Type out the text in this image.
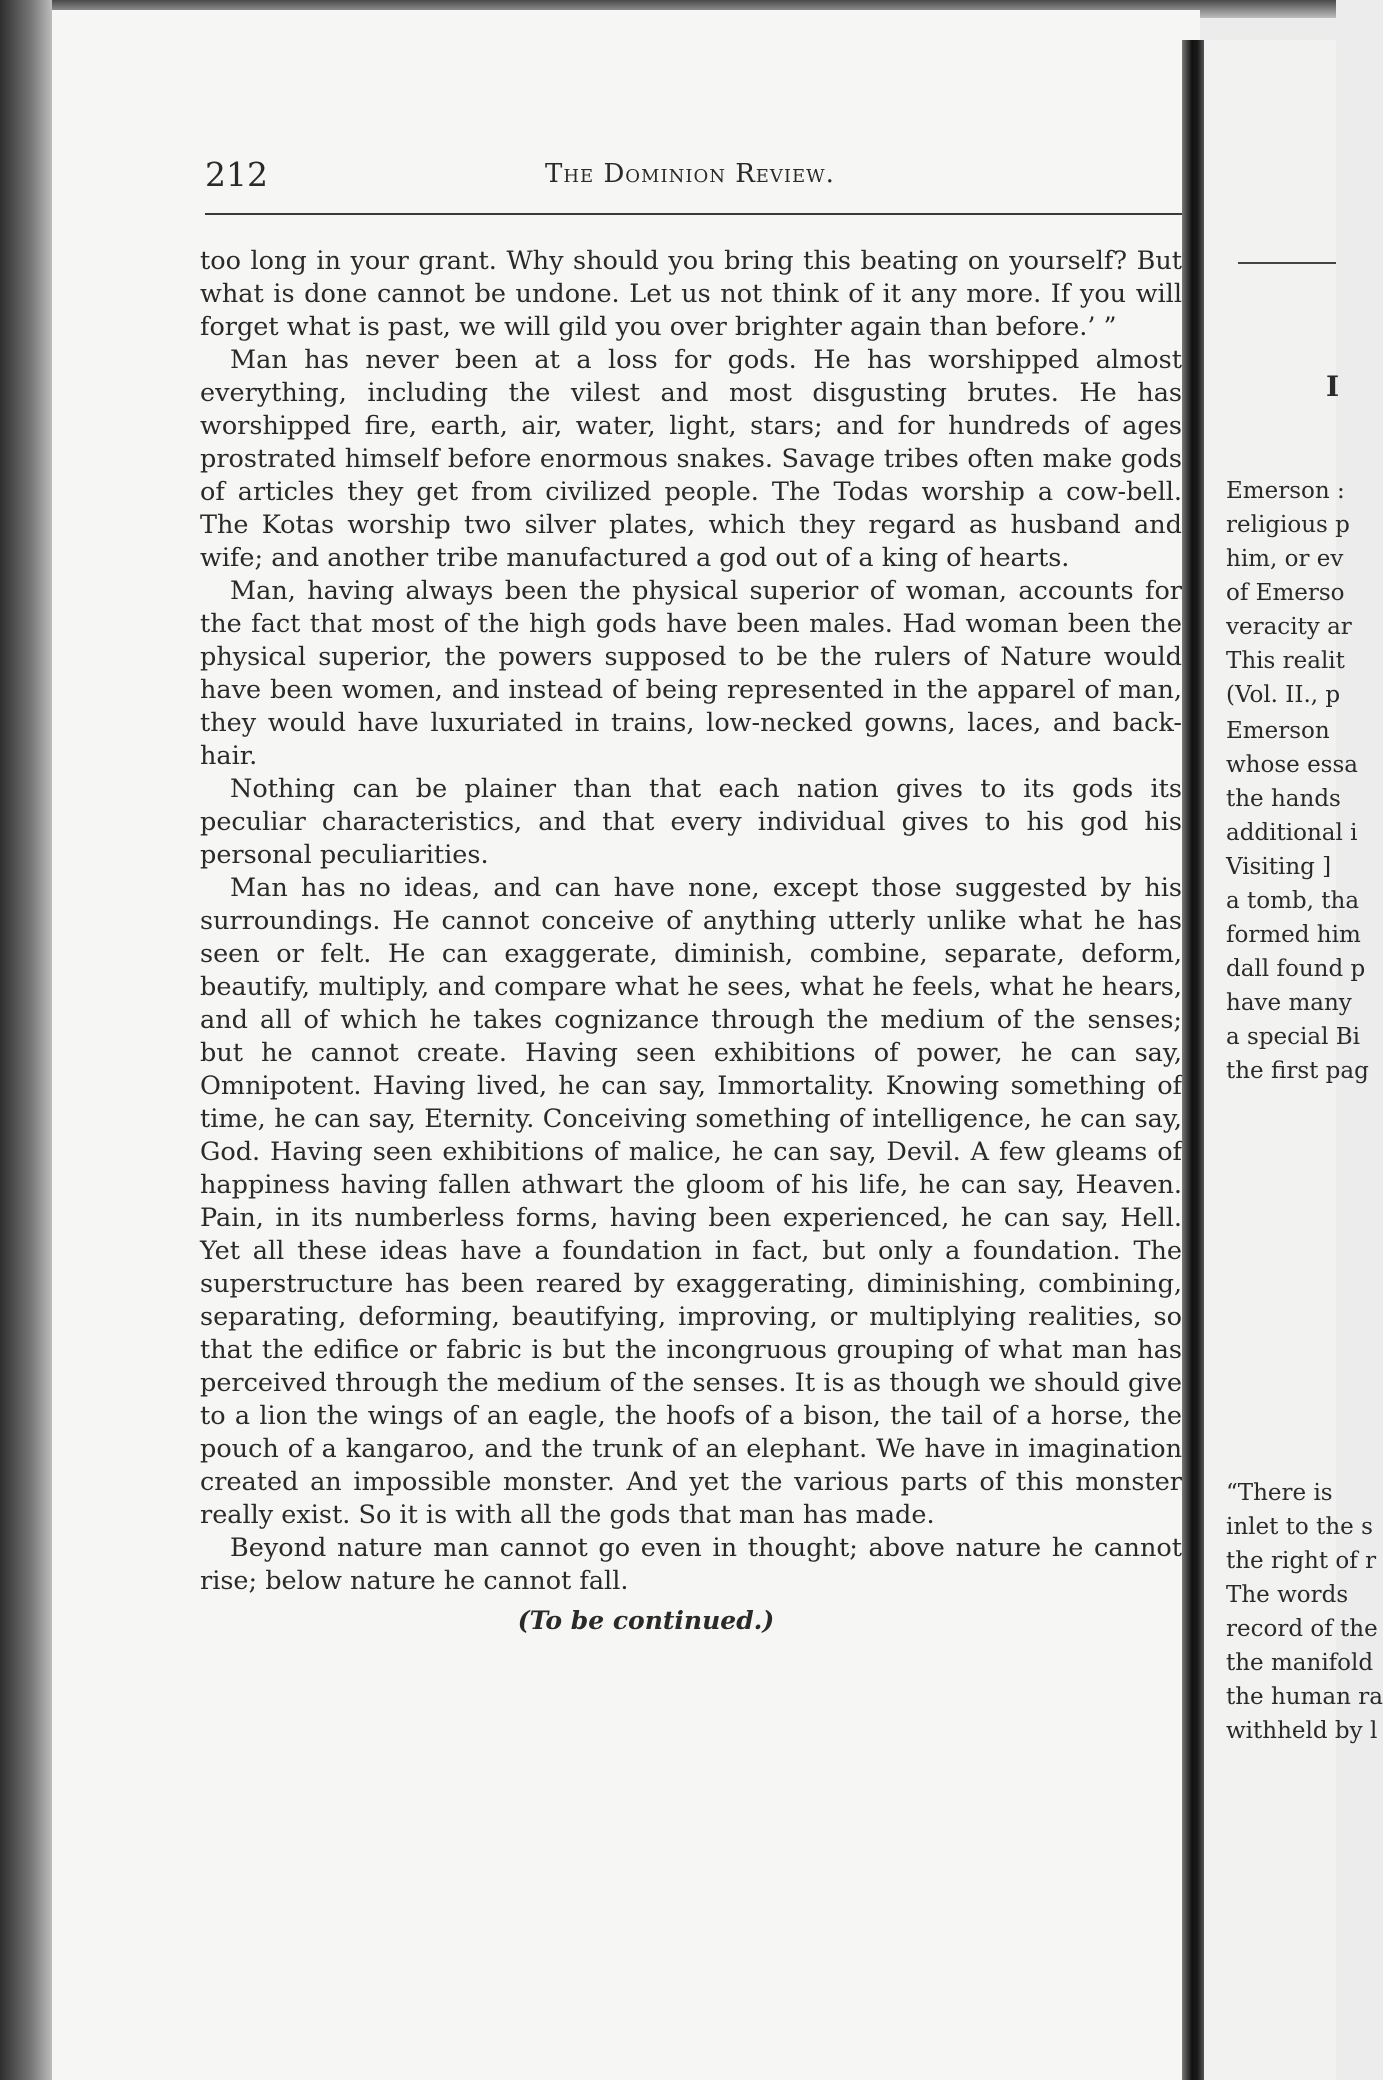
212	The Dominion Review.

too long in your grant. Why should you bring this beating on yourself? But what is done cannot be undone. Let us not think of it any more. If you will forget what is past, we will gild you over brighter again than before.’ ”

Man has never been at a loss for gods. He has worshipped almost everything, including the vilest and most disgusting brutes. He has worshipped fire, earth, air, water, light, stars; and for hundreds of ages prostrated himself before enormous snakes. Savage tribes often make gods of articles they get from civilized people. The Todas worship a cow-bell. The Kotas worship two silver plates, which they regard as husband and wife; and another tribe manufactured a god out of a king of hearts.

Man, having always been the physical superior of woman, accounts for the fact that most of the high gods have been males. Had woman been the physical superior, the powers supposed to be the rulers of Nature would have been women, and instead of being represented in the apparel of man, they would have luxuriated in trains, low-necked gowns, laces, and back-hair.

Nothing can be plainer than that each nation gives to its gods its peculiar characteristics, and that every individual gives to his god his personal peculiarities.

Man has no ideas, and can have none, except those suggested by his surroundings. He cannot conceive of anything utterly unlike what he has seen or felt. He can exaggerate, diminish, combine, separate, deform, beautify, multiply, and compare what he sees, what he feels, what he hears, and all of which he takes cognizance through the medium of the senses; but he cannot create. Having seen exhibitions of power, he can say, Omnipotent. Having lived, he can say, Immortality. Knowing something of time, he can say, Eternity. Conceiving something of intelligence, he can say, God. Having seen exhibitions of malice, he can say, Devil. A few gleams of happiness having fallen athwart the gloom of his life, he can say, Heaven. Pain, in its numberless forms, having been experienced, he can say, Hell. Yet all these ideas have a foundation in fact, but only a foundation. The superstructure has been reared by exaggerating, diminishing, combining, separating, deforming, beautifying, improving, or multiplying realities, so that the edifice or fabric is but the incongruous grouping of what man has perceived through the medium of the senses. It is as though we should give to a lion the wings of an eagle, the hoofs of a bison, the tail of a horse, the pouch of a kangaroo, and the trunk of an elephant. We have in imagination created an impossible monster. And yet the various parts of this monster really exist. So it is with all the gods that man has made.

Beyond nature man cannot go even in thought; above nature he cannot rise; below nature he cannot fall.

(To be continued.)
I
Emerson :
religious p
him, or ev
of Emerso
veracity ar
This realit
(Vol. II., p
Emerson
whose essa
the hands
additional i
Visiting ]
a tomb, tha
formed him
dall found p
have many
a special Bi
the first pag
“There is
inlet to the s
the right of r
The words
record of the
the manifold
the human ra
withheld by l
